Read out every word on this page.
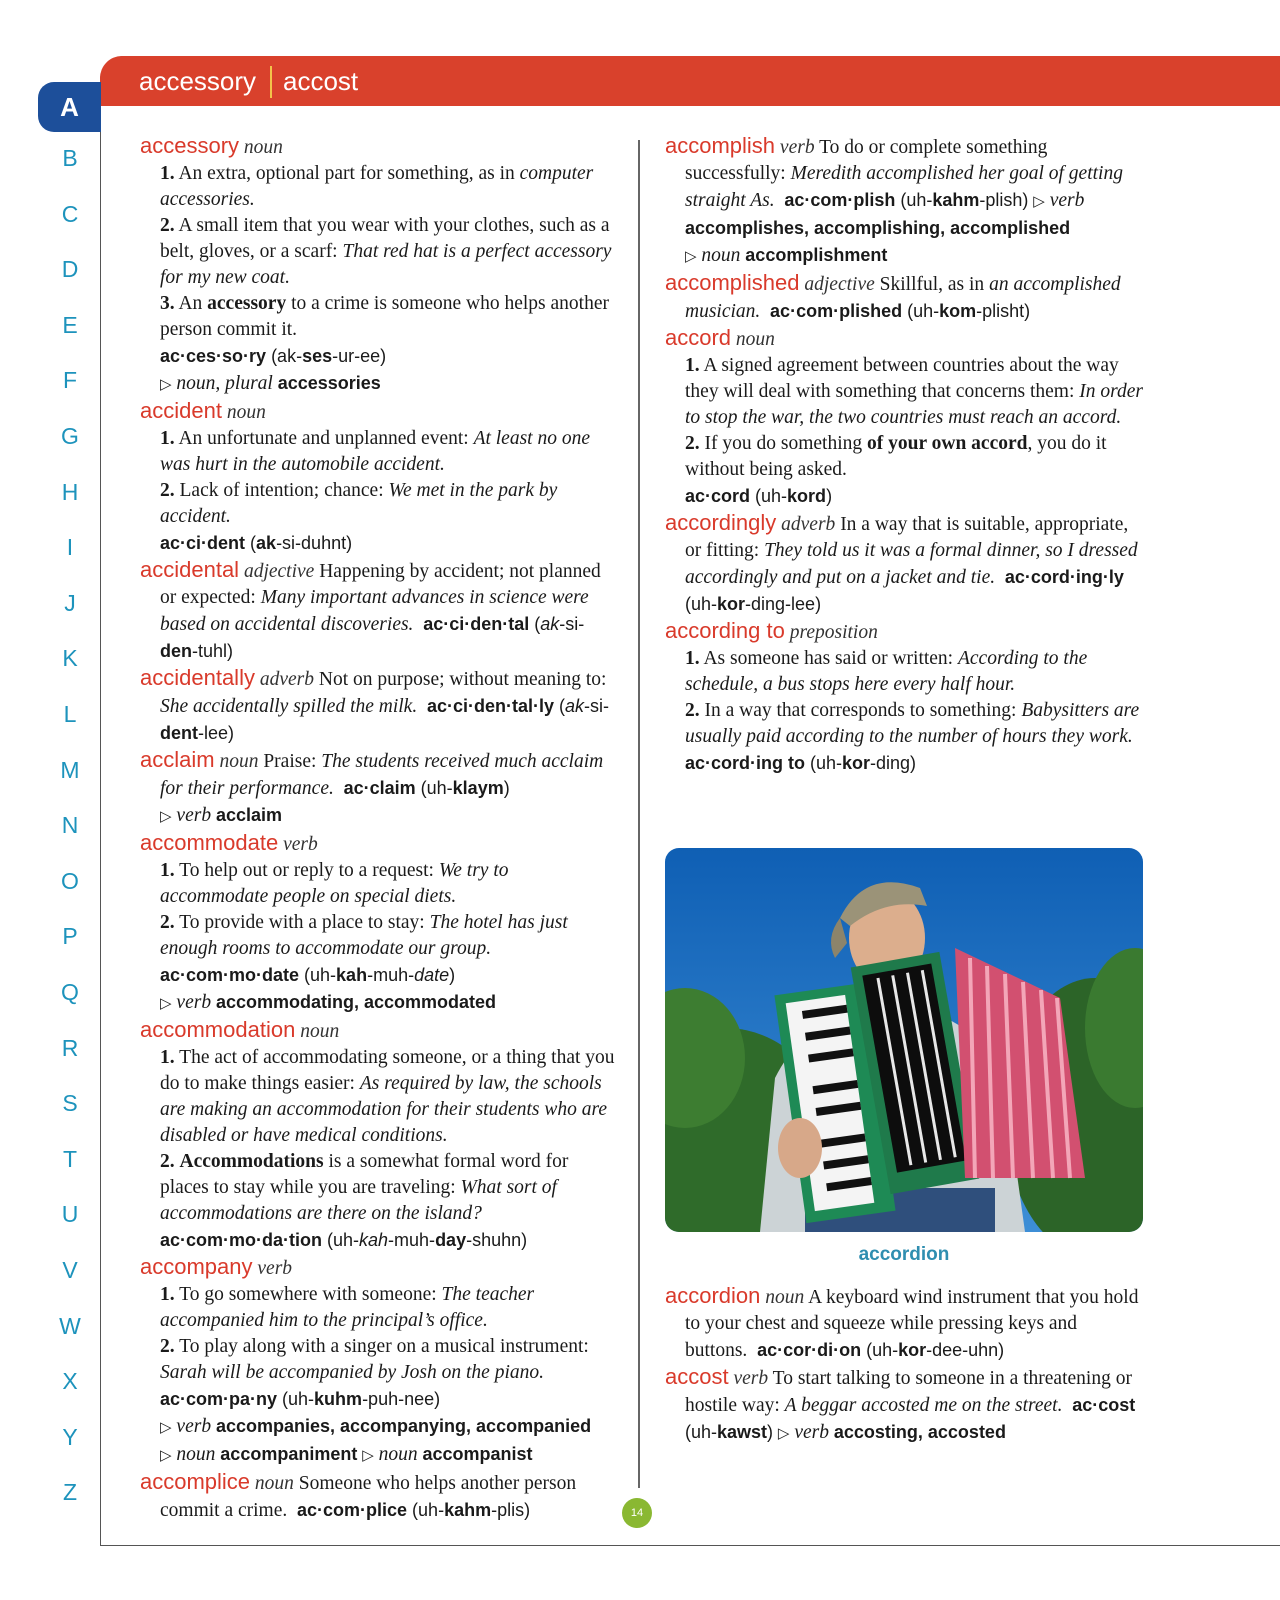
accessory accost
A
B
C
D
E
F
G
H
I
J
K
L
M
N
O
P
Q
R
S
T
U
V
W
X
Y
Z

accessory noun

1. An extra, optional part for something, as in computer accessories.

2. A small item that you wear with your clothes, such as a belt, gloves, or a scarf: That red hat is a perfect accessory for my new coat.

3. An accessory to a crime is someone who helps another person commit it.

ac·ces·so·ry (ak-ses-ur-ee)

▷ noun, plural accessories

accident noun

1. An unfortunate and unplanned event: At least no one was hurt in the automobile accident.

2. Lack of intention; chance: We met in the park by accident.

ac·ci·dent (ak-si-duhnt)

accidental adjective Happening by accident; not planned or expected: Many important advances in science were based on accidental discoveries. ac·ci·den·tal (ak-si-den-tuhl)

accidentally adverb Not on purpose; without meaning to: She accidentally spilled the milk. ac·ci·den·tal·ly (ak-si-dent-lee)

acclaim noun Praise: The students received much acclaim for their performance. ac·claim (uh-klaym)

▷ verb acclaim

accommodate verb

1. To help out or reply to a request: We try to accommodate people on special diets.

2. To provide with a place to stay: The hotel has just enough rooms to accommodate our group.

ac·com·mo·date (uh-kah-muh-date)

▷ verb accommodating, accommodated

accommodation noun

1. The act of accommodating someone, or a thing that you do to make things easier: As required by law, the schools are making an accommodation for their students who are disabled or have medical conditions.

2. Accommodations is a somewhat formal word for places to stay while you are traveling: What sort of accommodations are there on the island?

ac·com·mo·da·tion (uh-kah-muh-day-shuhn)

accompany verb

1. To go somewhere with someone: The teacher accompanied him to the principal’s office.

2. To play along with a singer on a musical instrument: Sarah will be accompanied by Josh on the piano.

ac·com·pa·ny (uh-kuhm-puh-nee)

▷ verb accompanies, accompanying, accompanied

▷ noun accompaniment ▷ noun accompanist

accomplice noun Someone who helps another person commit a crime. ac·com·plice (uh-kahm-plis)

accomplish verb To do or complete something successfully: Meredith accomplished her goal of getting straight As. ac·com·plish (uh-kahm-plish) ▷ verb accomplishes, accomplishing, accomplished

▷ noun accomplishment

accomplished adjective Skillful, as in an accomplished musician. ac·com·plished (uh-kom-plisht)

accord noun

1. A signed agreement between countries about the way they will deal with something that concerns them: In order to stop the war, the two countries must reach an accord.

2. If you do something of your own accord, you do it without being asked.

ac·cord (uh-kord)

accordingly adverb In a way that is suitable, appropriate, or fitting: They told us it was a formal dinner, so I dressed accordingly and put on a jacket and tie. ac·cord·ing·ly (uh-kor-ding-lee)

according to preposition

1. As someone has said or written: According to the schedule, a bus stops here every half hour.

2. In a way that corresponds to something: Babysitters are usually paid according to the number of hours they work.

ac·cord·ing to (uh-kor-ding)

accordion
14

accordion noun A keyboard wind instrument that you hold to your chest and squeeze while pressing keys and buttons. ac·cor·di·on (uh-kor-dee-uhn)

accost verb To start talking to someone in a threatening or hostile way: A beggar accosted me on the street. ac·cost (uh-kawst) ▷ verb accosting, accosted
